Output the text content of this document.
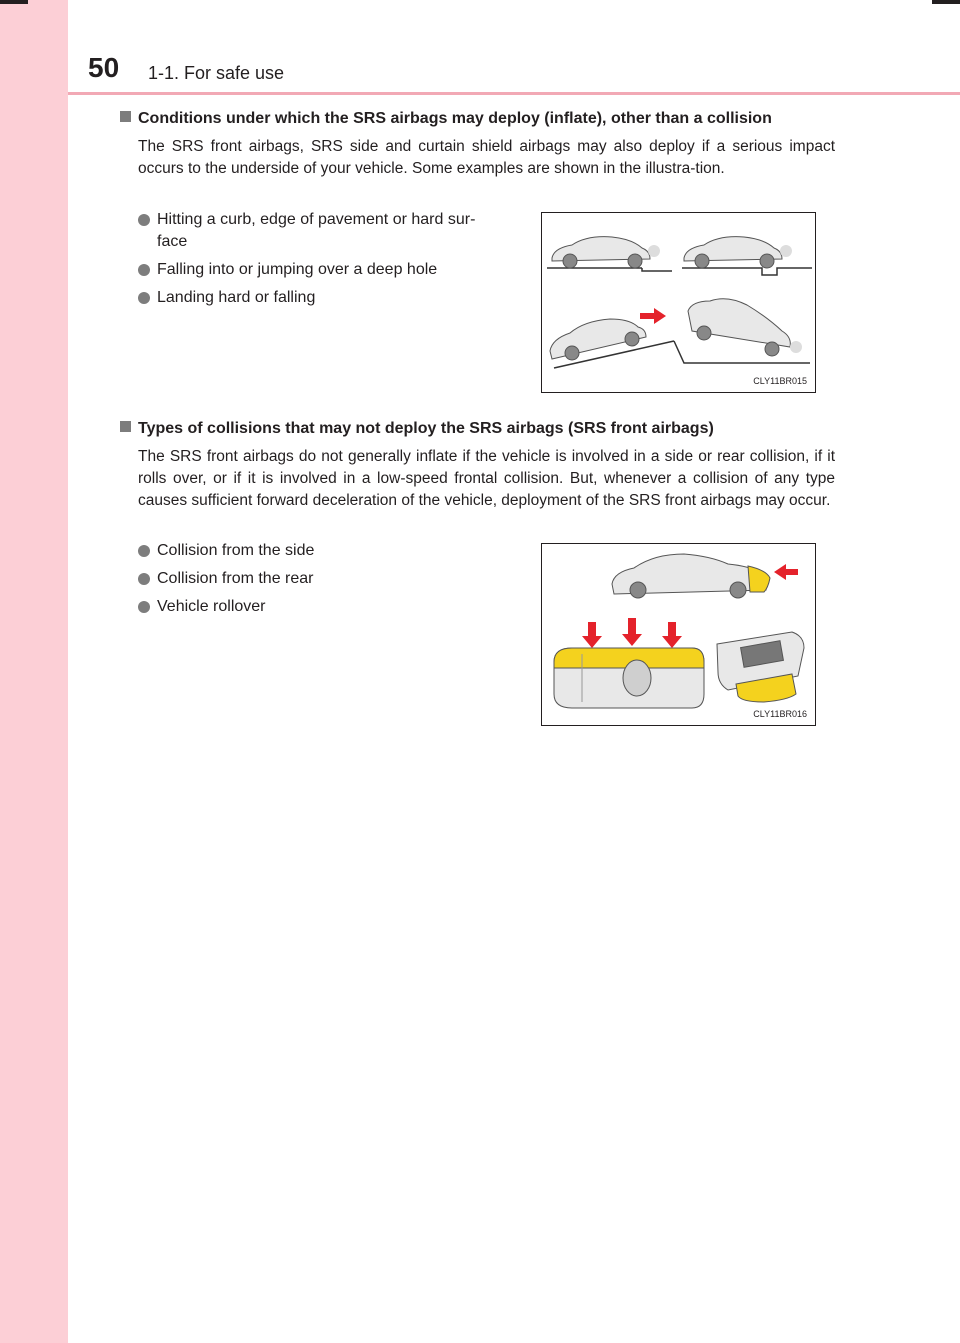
50 1-1. For safe use
Conditions under which the SRS airbags may deploy (inflate), other than a collision
The SRS front airbags, SRS side and curtain shield airbags may also deploy if a serious impact occurs to the underside of your vehicle. Some examples are shown in the illustra-tion.
Hitting a curb, edge of pavement or hard sur-face
Falling into or jumping over a deep hole
Landing hard or falling
CLY11BR015
Types of collisions that may not deploy the SRS airbags (SRS front airbags)
The SRS front airbags do not generally inflate if the vehicle is involved in a side or rear collision, if it rolls over, or if it is involved in a low-speed frontal collision. But, whenever a collision of any type causes sufficient forward deceleration of the vehicle, deployment of the SRS front airbags may occur.
Collision from the side
Collision from the rear
Vehicle rollover
CLY11BR016
